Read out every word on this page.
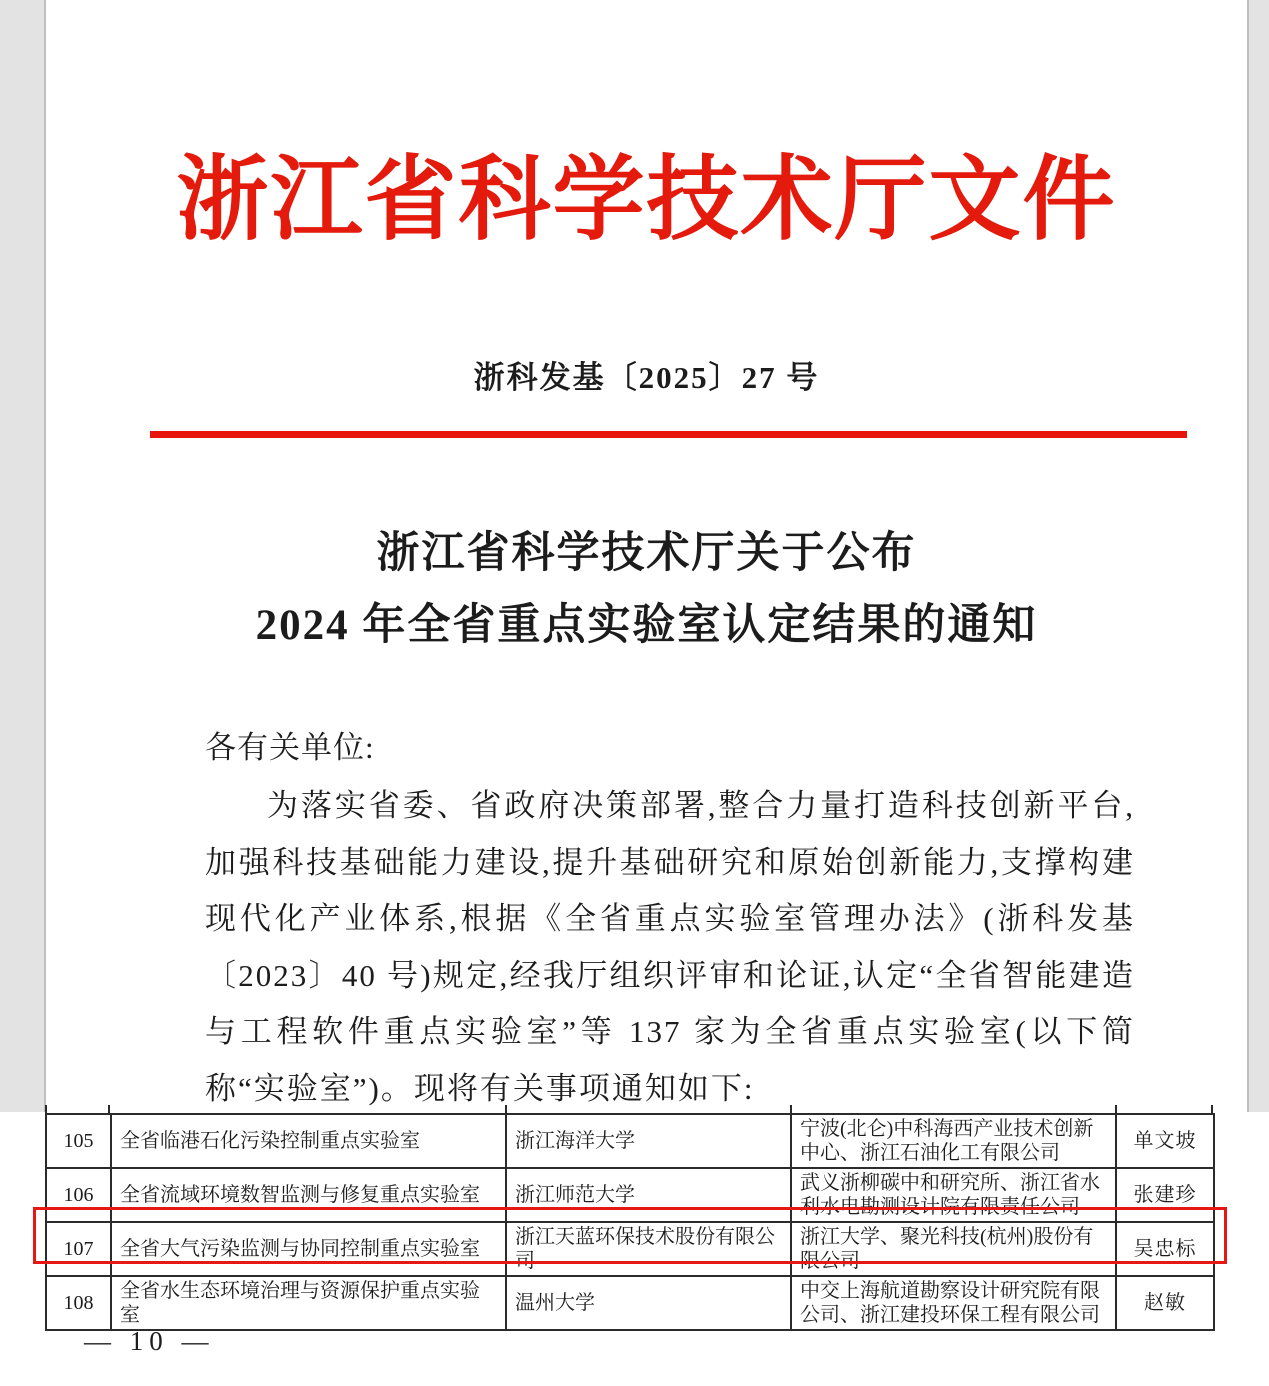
浙江省科学技术厅文件
浙科发基〔2025〕27 号
浙江省科学技术厅关于公布
2024 年全省重点实验室认定结果的通知
各有关单位:
为落实省委、省政府决策部署,整合力量打造科技创新平台,加强科技基础能力建设,提升基础研究和原始创新能力,支撑构建现代化产业体系,根据《全省重点实验室管理办法》(浙科发基〔2023〕40 号)规定,经我厅组织评审和论证,认定“全省智能建造与工程软件重点实验室”等 137 家为全省重点实验室(以下简称“实验室”)。现将有关事项通知如下:
105	全省临港石化污染控制重点实验室	浙江海洋大学	宁波(北仑)中科海西产业技术创新中心、浙江石油化工有限公司	单文坡
106	全省流域环境数智监测与修复重点实验室	浙江师范大学	武义浙柳碳中和研究所、浙江省水利水电勘测设计院有限责任公司	张建珍
107	全省大气污染监测与协同控制重点实验室	浙江天蓝环保技术股份有限公司	浙江大学、聚光科技(杭州)股份有限公司	吴忠标
108	全省水生态环境治理与资源保护重点实验室	温州大学	中交上海航道勘察设计研究院有限公司、浙江建投环保工程有限公司	赵敏
— 10 —
